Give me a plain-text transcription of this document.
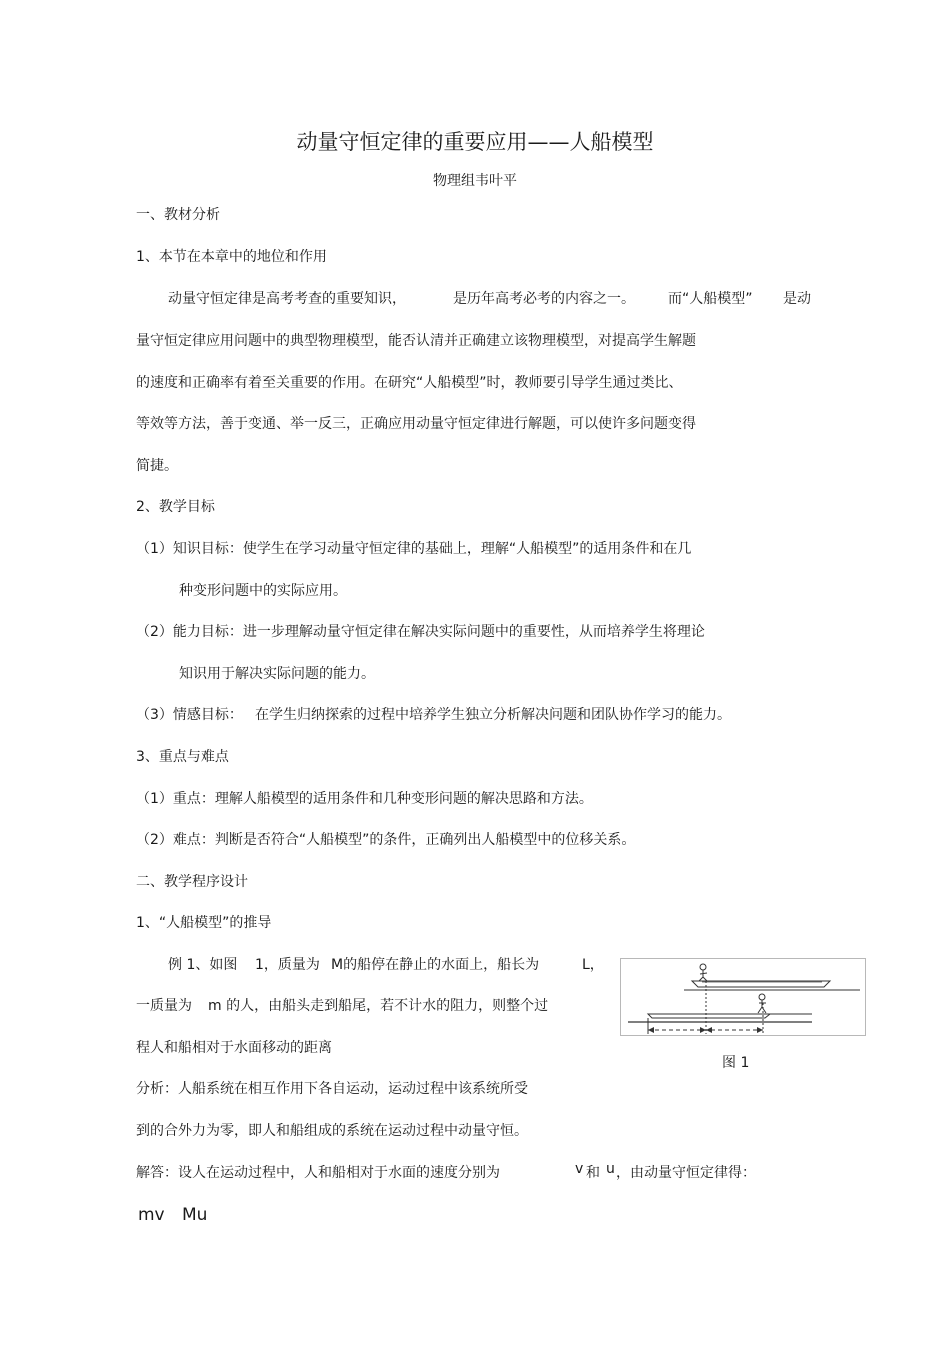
动量守恒定律的重要应用——人船模型
物理组韦叶平
一、教材分析
1、本节在本章中的地位和作用
动量守恒定律是高考考查的重要知识，	是历年高考必考的内容之一。 而“人船模型” 是动
量守恒定律应用问题中的典型物理模型，能否认清并正确建立该物理模型，对提高学生解题
的速度和正确率有着至关重要的作用。在研究“人船模型”时，教师要引导学生通过类比、
等效等方法，善于变通、举一反三，正确应用动量守恒定律进行解题，可以使许多问题变得
简捷。
2、教学目标
（1）知识目标：使学生在学习动量守恒定律的基础上，理解“人船模型”的适用条件和在几
种变形问题中的实际应用。
（2）能力目标：进一步理解动量守恒定律在解决实际问题中的重要性，从而培养学生将理论
知识用于解决实际问题的能力。
（3）情感目标： 在学生归纳探索的过程中培养学生独立分析解决问题和团队协作学习的能力。
3、重点与难点
（1）重点：理解人船模型的适用条件和几种变形问题的解决思路和方法。
（2）难点：判断是否符合“人船模型”的条件，正确列出人船模型中的位移关系。
二、教学程序设计
1、“人船模型”的推导
例 1、如图 1，质量为 M的船停在静止的水面上，船长为	L，
一质量为 m 的人，由船头走到船尾，若不计水的阻力，则整个过
程人和船相对于水面移动的距离
分析：人船系统在相互作用下各自运动，运动过程中该系统所受
到的合外力为零，即人和船组成的系统在运动过程中动量守恒。
解答：设人在运动过程中，人和船相对于水面的速度分别为	v 和 u ，由动量守恒定律得：
mv Mu
图 1
